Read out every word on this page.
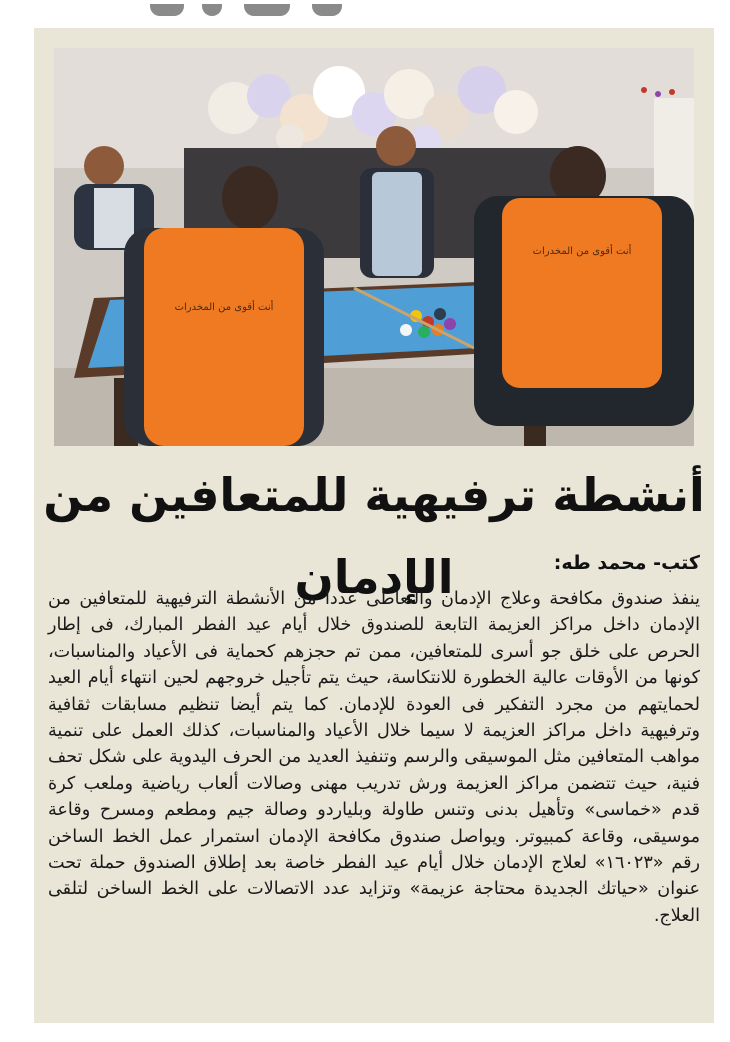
أنت أقوى من المخدرات
أنت أقوى من المخدرات
أنشطة ترفيهية للمتعافين من الإدمان	كتب- محمد طه:
ينفذ صندوق مكافحة وعلاج الإدمان والتعاطى عددا من الأنشطة الترفيهية للمتعافين من الإدمان داخل مراكز العزيمة التابعة للصندوق خلال أيام عيد الفطر المبارك، فى إطار الحرص على خلق جو أسرى للمتعافين، ممن تم حجزهم كحماية فى الأعياد والمناسبات، كونها من الأوقات عالية الخطورة للانتكاسة، حيث يتم تأجيل خروجهم لحين انتهاء أيام العيد لحمايتهم من مجرد التفكير فى العودة للإدمان. كما يتم أيضا تنظيم مسابقات ثقافية وترفيهية داخل مراكز العزيمة لا سيما خلال الأعياد والمناسبات، كذلك العمل على تنمية مواهب المتعافين مثل الموسيقى والرسم وتنفيذ العديد من الحرف اليدوية على شكل تحف فنية، حيث تتضمن مراكز العزيمة ورش تدريب مهنى وصالات ألعاب رياضية وملعب كرة قدم «خماسى» وتأهيل بدنى وتنس طاولة وبلياردو وصالة جيم ومطعم ومسرح وقاعة موسيقى، وقاعة كمبيوتر. ويواصل صندوق مكافحة الإدمان استمرار عمل الخط الساخن رقم «١٦٠٢٣» لعلاج الإدمان خلال أيام عيد الفطر خاصة بعد إطلاق الصندوق حملة تحت عنوان «حياتك الجديدة محتاجة عزيمة» وتزايد عدد الاتصالات على الخط الساخن لتلقى العلاج.
